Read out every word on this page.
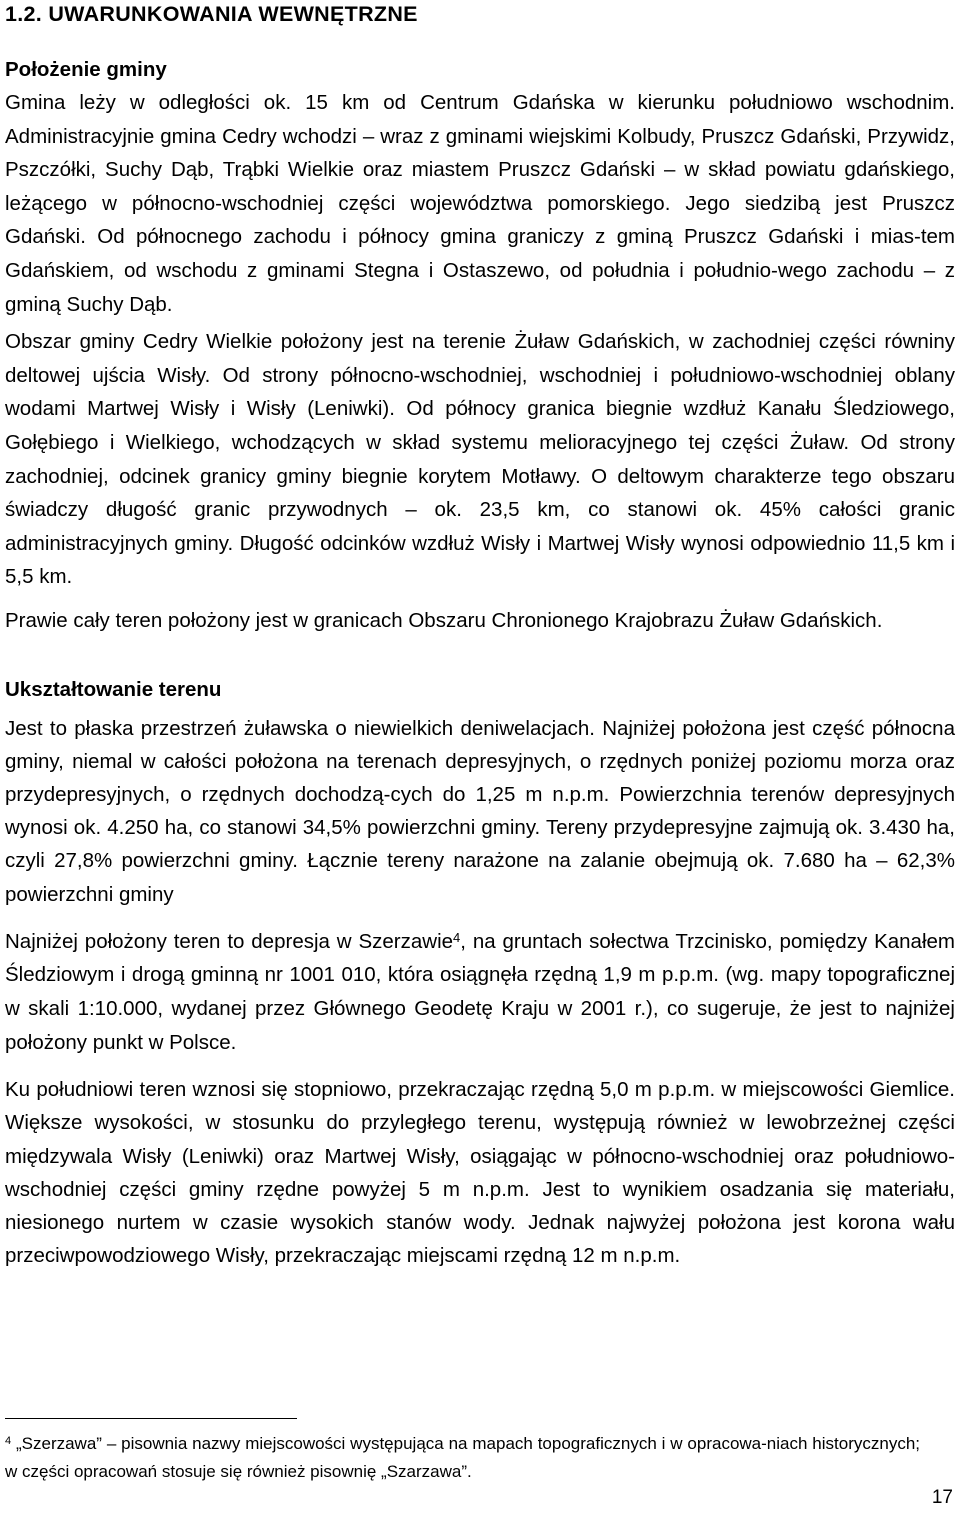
1.2. UWARUNKOWANIA WEWNĘTRZNE
Położenie gminy

Gmina leży w odległości ok. 15 km od Centrum Gdańska w kierunku południowo wschodnim. Administracyjnie gmina Cedry wchodzi – wraz z gminami wiejskimi Kolbudy, Pruszcz Gdański, Przywidz, Pszczółki, Suchy Dąb, Trąbki Wielkie oraz miastem Pruszcz Gdański – w skład powiatu gdańskiego, leżącego w północno-wschodniej części województwa pomorskiego. Jego siedzibą jest Pruszcz Gdański. Od północnego zachodu i północy gmina graniczy z gminą Pruszcz Gdański i mias-tem Gdańskiem, od wschodu z gminami Stegna i Ostaszewo, od południa i południo-wego zachodu – z gminą Suchy Dąb.

Obszar gminy Cedry Wielkie położony jest na terenie Żuław Gdańskich, w zachodniej części równiny deltowej ujścia Wisły. Od strony północno-wschodniej, wschodniej i południowo-wschodniej oblany wodami Martwej Wisły i Wisły (Leniwki). Od północy granica biegnie wzdłuż Kanału Śledziowego, Gołębiego i Wielkiego, wchodzących w skład systemu melioracyjnego tej części Żuław. Od strony zachodniej, odcinek granicy gminy biegnie korytem Motławy. O deltowym charakterze tego obszaru świadczy długość granic przywodnych – ok. 23,5 km, co stanowi ok. 45% całości granic administracyjnych gminy. Długość odcinków wzdłuż Wisły i Martwej Wisły wynosi odpowiednio 11,5 km i 5,5 km.

Prawie cały teren położony jest w granicach Obszaru Chronionego Krajobrazu Żuław Gdańskich.

Ukształtowanie terenu

Jest to płaska przestrzeń żuławska o niewielkich deniwelacjach. Najniżej położona jest część północna gminy, niemal w całości położona na terenach depresyjnych, o rzędnych poniżej poziomu morza oraz przydepresyjnych, o rzędnych dochodzą-cych do 1,25 m n.p.m. Powierzchnia terenów depresyjnych wynosi ok. 4.250 ha, co stanowi 34,5% powierzchni gminy. Tereny przydepresyjne zajmują ok. 3.430 ha, czyli 27,8% powierzchni gminy. Łącznie tereny narażone na zalanie obejmują ok. 7.680 ha – 62,3% powierzchni gminy

Najniżej położony teren to depresja w Szerzawie$^4$, na gruntach sołectwa Trzcinisko, pomiędzy Kanałem Śledziowym i drogą gminną nr 1001 010, która osiągnęła rzędną 1,9 m p.p.m. (wg. mapy topograficznej w skali 1:10.000, wydanej przez Głównego Geodetę Kraju w 2001 r.), co sugeruje, że jest to najniżej położony punkt w Polsce.

Ku południowi teren wznosi się stopniowo, przekraczając rzędną 5,0 m p.p.m. w miejscowości Giemlice. Większe wysokości, w stosunku do przyległego terenu, występują również w lewobrzeżnej części międzywala Wisły (Leniwki) oraz Martwej Wisły, osiągając w północno-wschodniej oraz południowo-wschodniej części gminy rzędne powyżej 5 m n.p.m. Jest to wynikiem osadzania się materiału, niesionego nurtem w czasie wysokich stanów wody. Jednak najwyżej położona jest korona wału przeciwpowodziowego Wisły, przekraczając miejscami rzędną 12 m n.p.m.

$^4$ „Szerzawa” – pisownia nazwy miejscowości występująca na mapach topograficznych i w opracowa-niach historycznych; w części opracowań stosuje się również pisownię „Szarzawa”.
17
